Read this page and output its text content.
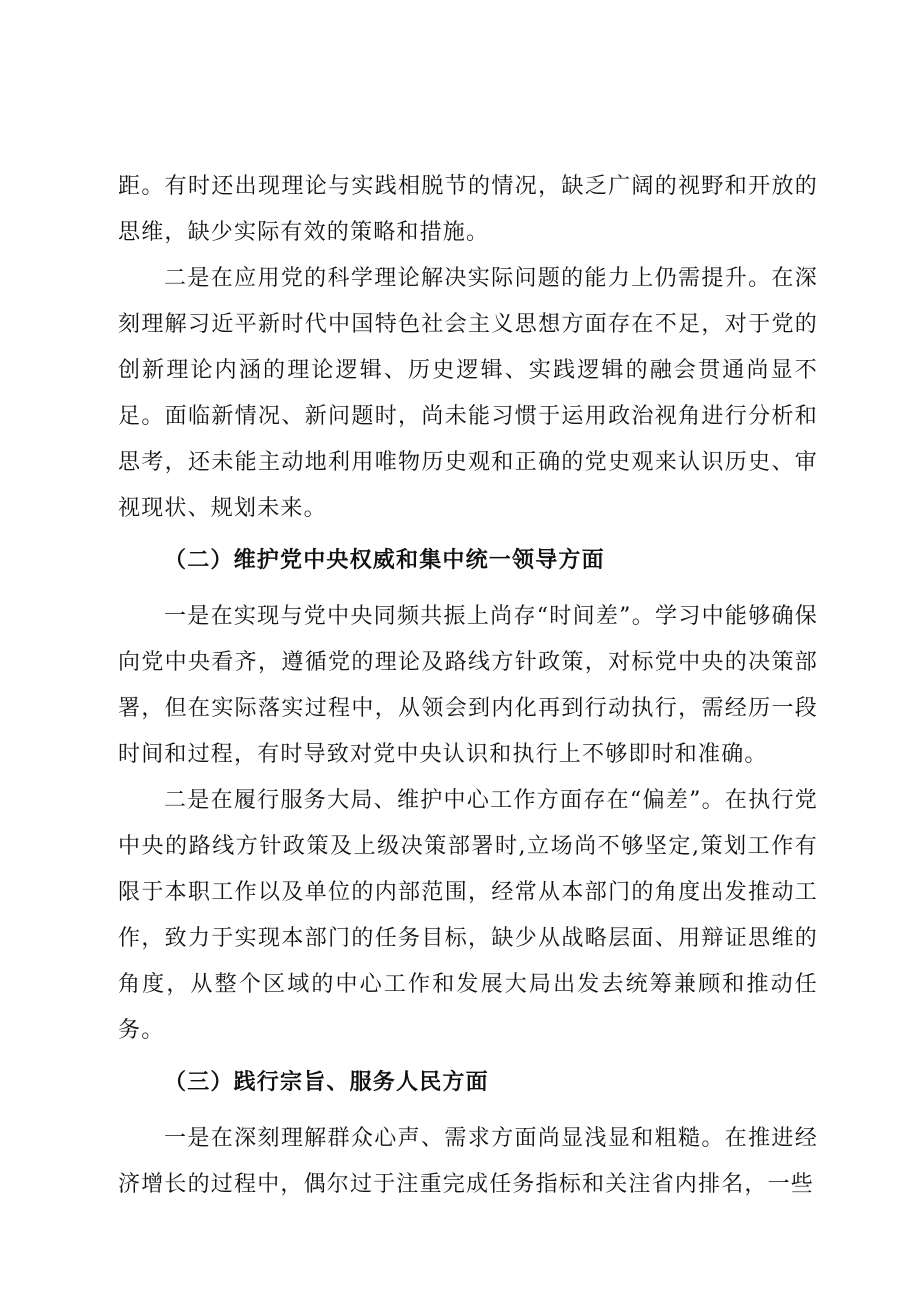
距。有时还出现理论与实践相脱节的情况，缺乏广阔的视野和开放的思维，缺少实际有效的策略和措施。

二是在应用党的科学理论解决实际问题的能力上仍需提升。在深刻理解习近平新时代中国特色社会主义思想方面存在不足，对于党的创新理论内涵的理论逻辑、历史逻辑、实践逻辑的融会贯通尚显不足。面临新情况、新问题时，尚未能习惯于运用政治视角进行分析和思考，还未能主动地利用唯物历史观和正确的党史观来认识历史、审视现状、规划未来。

（二）维护党中央权威和集中统一领导方面

一是在实现与党中央同频共振上尚存“时间差”。学习中能够确保向党中央看齐，遵循党的理论及路线方针政策，对标党中央的决策部署，但在实际落实过程中，从领会到内化再到行动执行，需经历一段时间和过程，有时导致对党中央认识和执行上不够即时和准确。

二是在履行服务大局、维护中心工作方面存在“偏差”。在执行党中央的路线方针政策及上级决策部署时,立场尚不够坚定,策划工作有限于本职工作以及单位的内部范围，经常从本部门的角度出发推动工作，致力于实现本部门的任务目标，缺少从战略层面、用辩证思维的角度，从整个区域的中心工作和发展大局出发去统筹兼顾和推动任务。

（三）践行宗旨、服务人民方面

一是在深刻理解群众心声、需求方面尚显浅显和粗糙。在推进经济增长的过程中，偶尔过于注重完成任务指标和关注省内排名，一些
